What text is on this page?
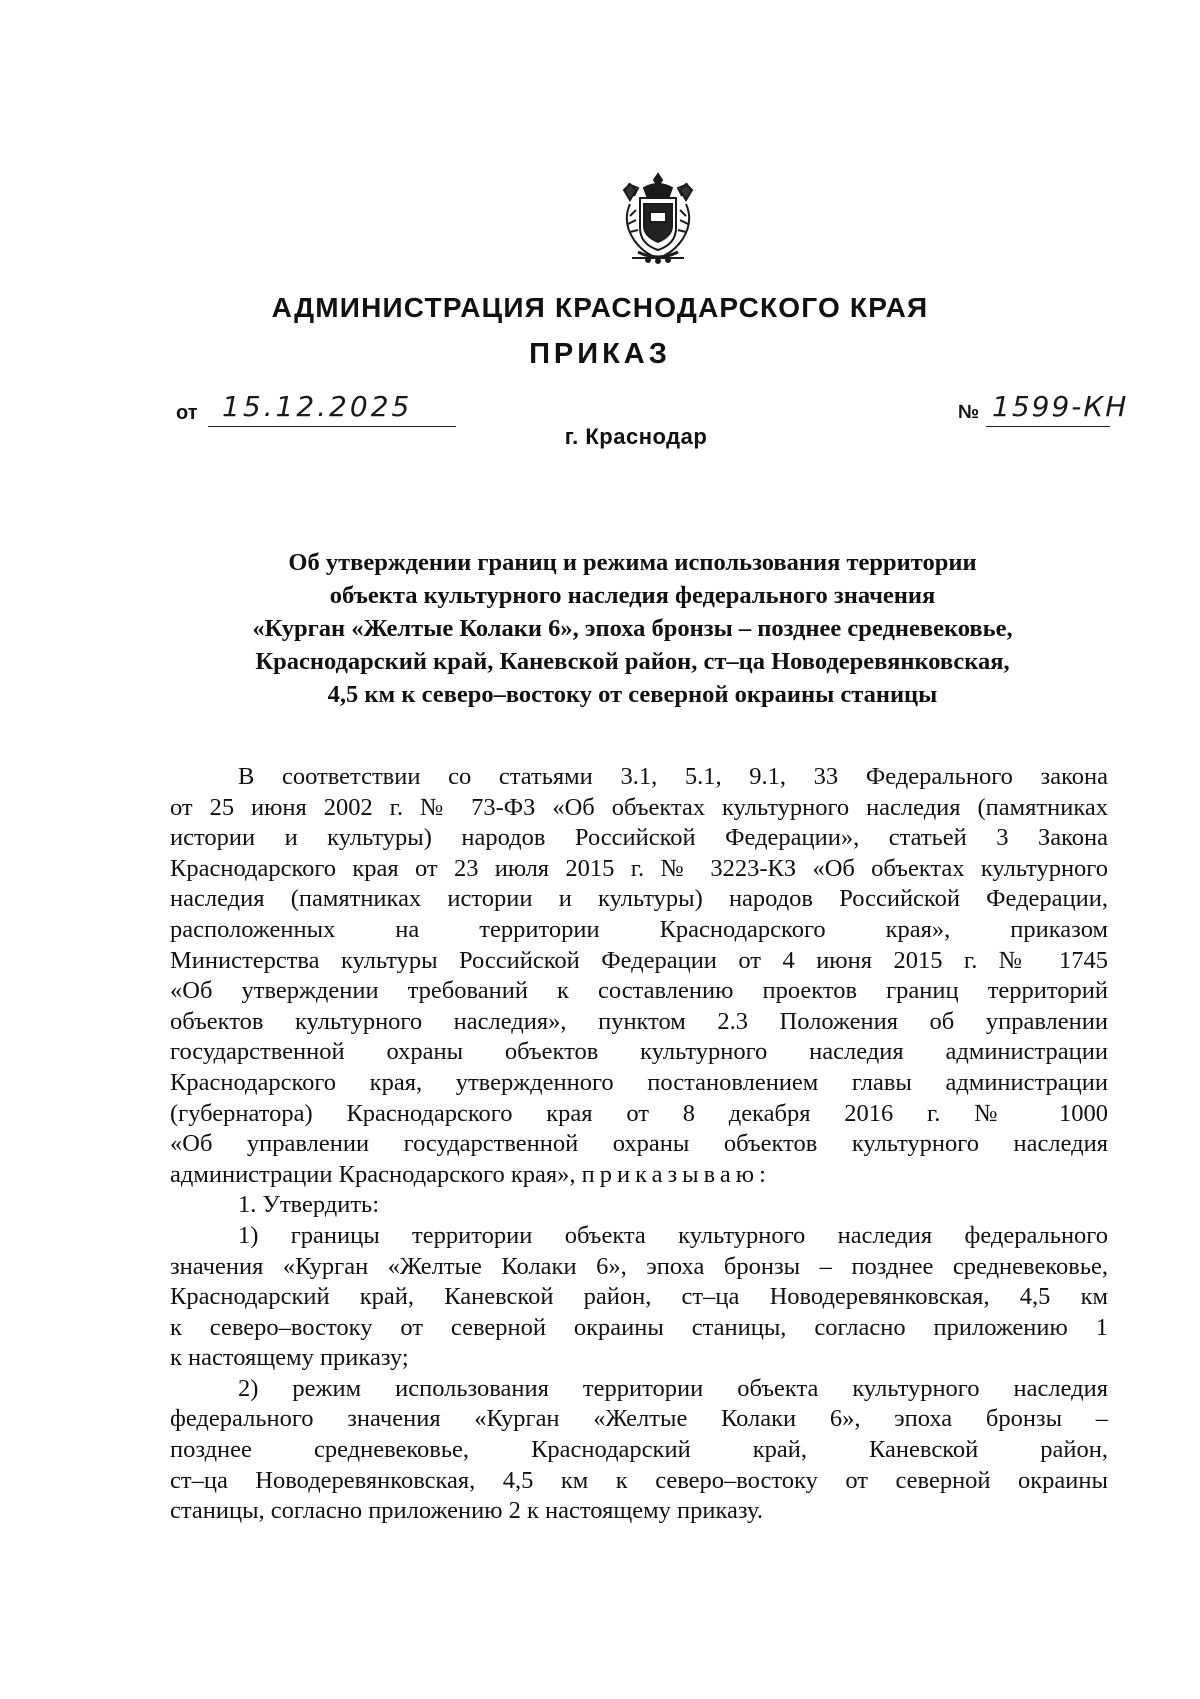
АДМИНИСТРАЦИЯ КРАСНОДАРСКОГО КРАЯ
ПРИКАЗ
от 15.12.2025	№ 1599-КН
г. Краснодар
Об утверждении границ и режима использования территории
объекта культурного наследия федерального значения
«Курган «Желтые Колаки 6», эпоха бронзы – позднее средневековье,
Краснодарский край, Каневской район, ст–ца Новодеревянковская,
4,5 км к северо–востоку от северной окраины станицы
В соответствии со статьями 3.1, 5.1, 9.1, 33 Федерального закона
от 25 июня 2002 г. № 73-ФЗ «Об объектах культурного наследия (памятниках
истории и культуры) народов Российской Федерации», статьей 3 Закона
Краснодарского края от 23 июля 2015 г. № 3223-КЗ «Об объектах культурного
наследия (памятниках истории и культуры) народов Российской Федерации,
расположенных на территории Краснодарского края», приказом
Министерства культуры Российской Федерации от 4 июня 2015 г. № 1745
«Об утверждении требований к составлению проектов границ территорий
объектов культурного наследия», пунктом 2.3 Положения об управлении
государственной охраны объектов культурного наследия администрации
Краснодарского края, утвержденного постановлением главы администрации
(губернатора) Краснодарского края от 8 декабря 2016 г. № 1000
«Об управлении государственной охраны объектов культурного наследия
администрации Краснодарского края», приказываю:
1. Утвердить:
1) границы территории объекта культурного наследия федерального
значения «Курган «Желтые Колаки 6», эпоха бронзы – позднее средневековье,
Краснодарский край, Каневской район, ст–ца Новодеревянковская, 4,5 км
к северо–востоку от северной окраины станицы, согласно приложению 1
к настоящему приказу;
2) режим использования территории объекта культурного наследия
федерального значения «Курган «Желтые Колаки 6», эпоха бронзы –
позднее средневековье, Краснодарский край, Каневской район,
ст–ца Новодеревянковская, 4,5 км к северо–востоку от северной окраины
станицы, согласно приложению 2 к настоящему приказу.
